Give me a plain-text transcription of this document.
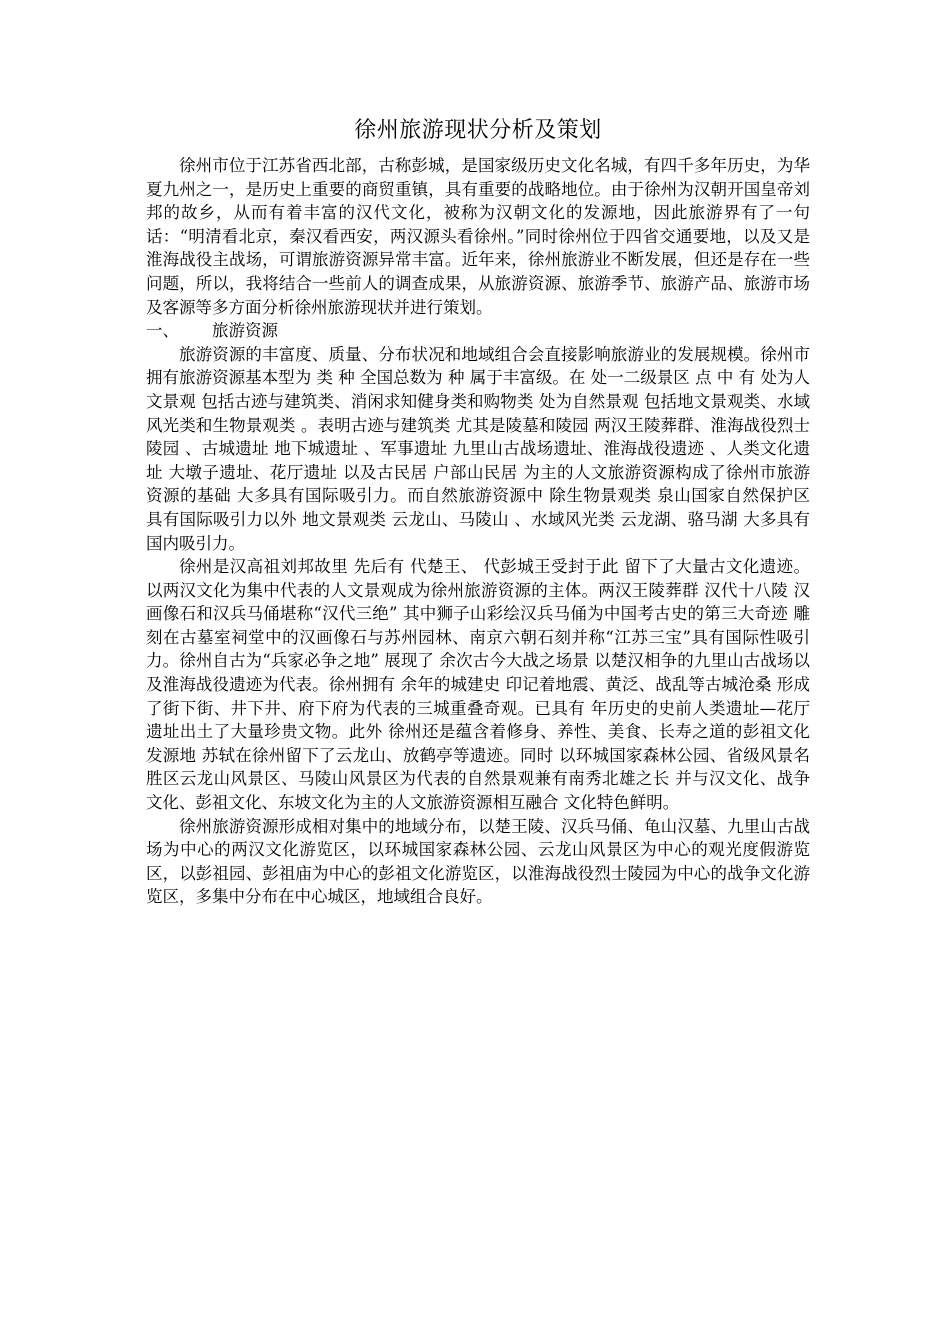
徐州旅游现状分析及策划

徐州市位于江苏省西北部，古称彭城，是国家级历史文化名城，有四千多年历史，为华夏九州之一，是历史上重要的商贸重镇，具有重要的战略地位。由于徐州为汉朝开国皇帝刘邦的故乡，从而有着丰富的汉代文化，被称为汉朝文化的发源地，因此旅游界有了一句话：“明清看北京，秦汉看西安，两汉源头看徐州。”同时徐州位于四省交通要地，以及又是淮海战役主战场，可谓旅游资源异常丰富。近年来，徐州旅游业不断发展，但还是存在一些问题，所以，我将结合一些前人的调查成果，从旅游资源、旅游季节、旅游产品、旅游市场及客源等多方面分析徐州旅游现状并进行策划。

一、 旅游资源

旅游资源的丰富度、质量、分布状况和地域组合会直接影响旅游业的发展规模。徐州市拥有旅游资源基本型为 类 种 全国总数为 种 属于丰富级。在 处一二级景区 点 中 有 处为人文景观 包括古迹与建筑类、消闲求知健身类和购物类 处为自然景观 包括地文景观类、水域风光类和生物景观类 。表明古迹与建筑类 尤其是陵墓和陵园 两汉王陵葬群、淮海战役烈士陵园 、古城遗址 地下城遗址 、军事遗址 九里山古战场遗址、淮海战役遗迹 、人类文化遗址 大墩子遗址、花厅遗址 以及古民居 户部山民居 为主的人文旅游资源构成了徐州市旅游资源的基础 大多具有国际吸引力。而自然旅游资源中 除生物景观类 泉山国家自然保护区 具有国际吸引力以外 地文景观类 云龙山、马陵山 、水域风光类 云龙湖、骆马湖 大多具有国内吸引力。

徐州是汉高祖刘邦故里 先后有 代楚王、 代彭城王受封于此 留下了大量古文化遗迹。以两汉文化为集中代表的人文景观成为徐州旅游资源的主体。两汉王陵葬群 汉代十八陵 汉画像石和汉兵马俑堪称“汉代三绝” 其中狮子山彩绘汉兵马俑为中国考古史的第三大奇迹 雕刻在古墓室祠堂中的汉画像石与苏州园林、南京六朝石刻并称“江苏三宝”具有国际性吸引力。徐州自古为“兵家必争之地” 展现了 余次古今大战之场景 以楚汉相争的九里山古战场以及淮海战役遗迹为代表。徐州拥有 余年的城建史 印记着地震、黄泛、战乱等古城沧桑 形成了街下街、井下井、府下府为代表的三城重叠奇观。已具有 年历史的史前人类遗址—花厅遗址出土了大量珍贵文物。此外 徐州还是蕴含着修身、养性、美食、长寿之道的彭祖文化发源地 苏轼在徐州留下了云龙山、放鹤亭等遗迹。同时 以环城国家森林公园、省级风景名胜区云龙山风景区、马陵山风景区为代表的自然景观兼有南秀北雄之长 并与汉文化、战争文化、彭祖文化、东坡文化为主的人文旅游资源相互融合 文化特色鲜明。

徐州旅游资源形成相对集中的地域分布，以楚王陵、汉兵马俑、龟山汉墓、九里山古战场为中心的两汉文化游览区，以环城国家森林公园、云龙山风景区为中心的观光度假游览区，以彭祖园、彭祖庙为中心的彭祖文化游览区，以淮海战役烈士陵园为中心的战争文化游览区，多集中分布在中心城区，地域组合良好。
